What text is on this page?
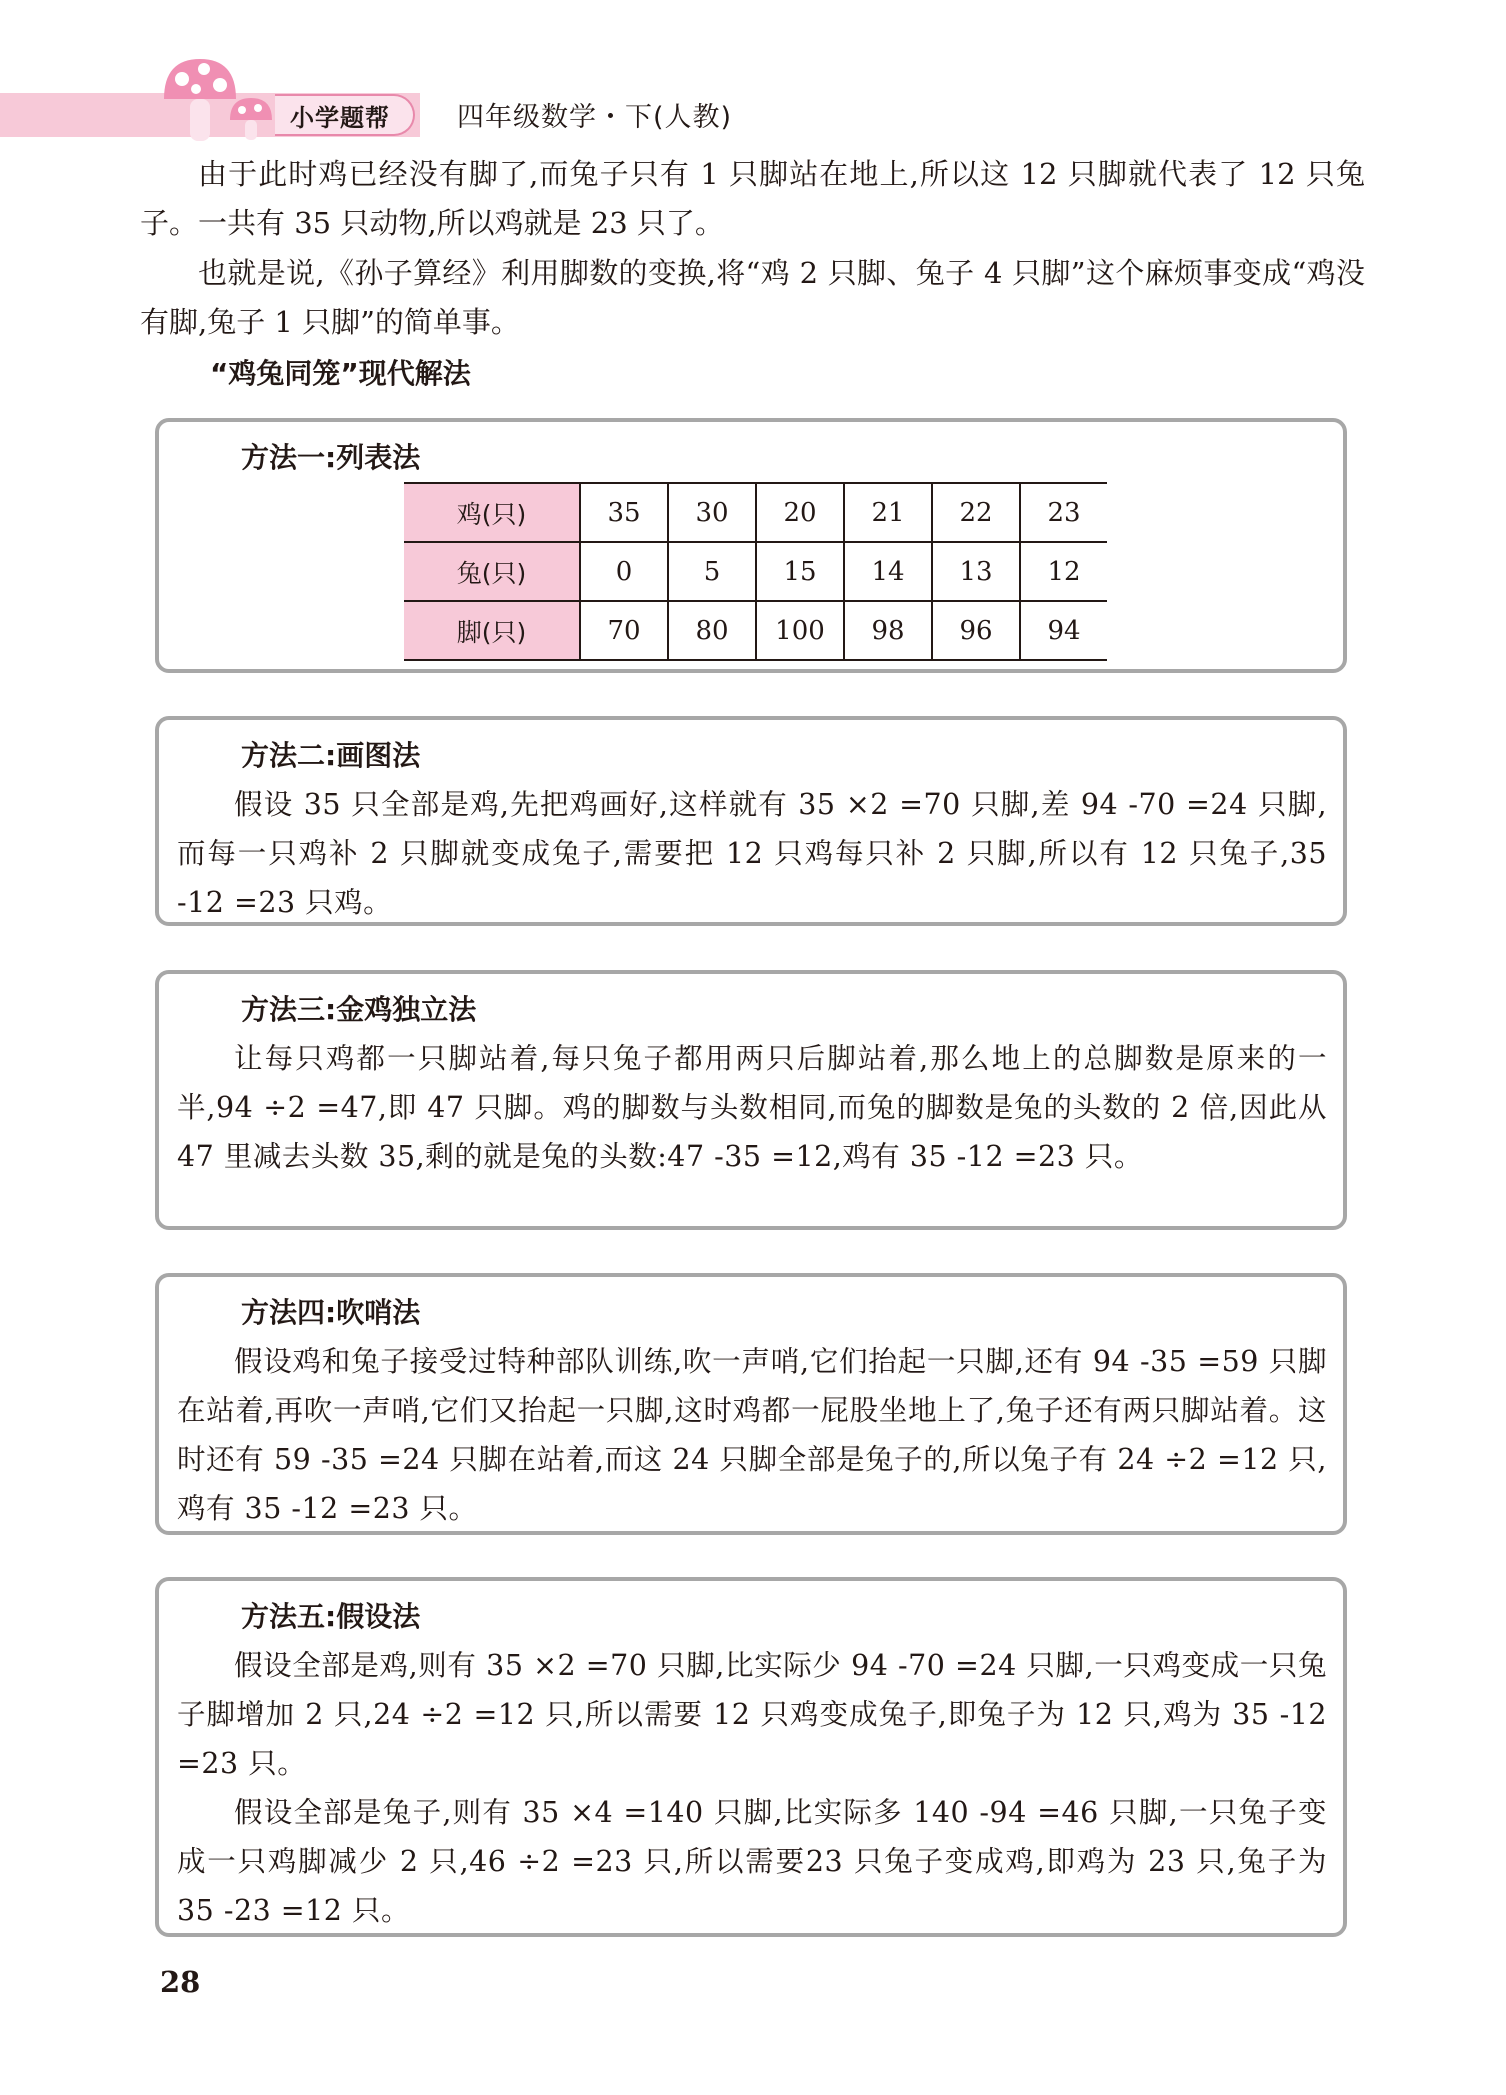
小学题帮 四年级数学・下(人教)

由于此时鸡已经没有脚了,而兔子只有 1 只脚站在地上,所以这 12 只脚就代表了 12 只兔子。一共有 35 只动物,所以鸡就是 23 只了。

也就是说,《孙子算经》利用脚数的变换,将“鸡 2 只脚、兔子 4 只脚”这个麻烦事变成“鸡没有脚,兔子 1 只脚”的简单事。

“鸡兔同笼”现代解法
方法一:列表法
鸡(只)	35	30	20	21	22	23
兔(只)	0	5	15	14	13	12
脚(只)	70	80	100	98	96	94
方法二:画图法

假设 35 只全部是鸡,先把鸡画好,这样就有 35 ×2 =70 只脚,差 94 -70 =24 只脚,而每一只鸡补 2 只脚就变成兔子,需要把 12 只鸡每只补 2 只脚,所以有 12 只兔子,35 -12 =23 只鸡。

方法三:金鸡独立法

让每只鸡都一只脚站着,每只兔子都用两只后脚站着,那么地上的总脚数是原来的一半,94 ÷2 =47,即 47 只脚。鸡的脚数与头数相同,而兔的脚数是兔的头数的 2 倍,因此从 47 里减去头数 35,剩的就是兔的头数:47 -35 =12,鸡有 35 -12 =23 只。

方法四:吹哨法

假设鸡和兔子接受过特种部队训练,吹一声哨,它们抬起一只脚,还有 94 -35 =59 只脚在站着,再吹一声哨,它们又抬起一只脚,这时鸡都一屁股坐地上了,兔子还有两只脚站着。这时还有 59 -35 =24 只脚在站着,而这 24 只脚全部是兔子的,所以兔子有 24 ÷2 =12 只,鸡有 35 -12 =23 只。

方法五:假设法

假设全部是鸡,则有 35 ×2 =70 只脚,比实际少 94 -70 =24 只脚,一只鸡变成一只兔子脚增加 2 只,24 ÷2 =12 只,所以需要 12 只鸡变成兔子,即兔子为 12 只,鸡为 35 -12 =23 只。

假设全部是兔子,则有 35 ×4 =140 只脚,比实际多 140 -94 =46 只脚,一只兔子变成一只鸡脚减少 2 只,46 ÷2 =23 只,所以需要23 只兔子变成鸡,即鸡为 23 只,兔子为 35 -23 =12 只。

28
